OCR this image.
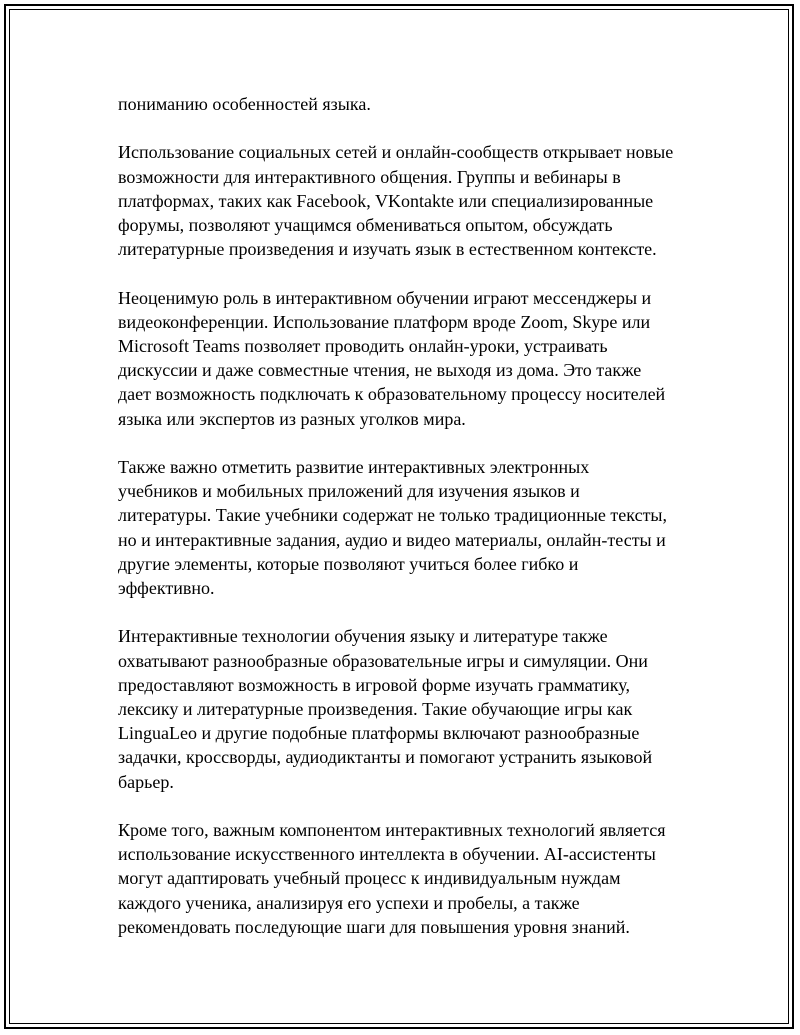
пониманию особенностей языка.

Использование социальных сетей и онлайн-сообществ открывает новые
возможности для интерактивного общения. Группы и вебинары в
платформах, таких как Facebook, VKontakte или специализированные
форумы, позволяют учащимся обмениваться опытом, обсуждать
литературные произведения и изучать язык в естественном контексте.

Неоценимую роль в интерактивном обучении играют мессенджеры и
видеоконференции. Использование платформ вроде Zoom, Skype или
Microsoft Teams позволяет проводить онлайн-уроки, устраивать
дискуссии и даже совместные чтения, не выходя из дома. Это также
дает возможность подключать к образовательному процессу носителей
языка или экспертов из разных уголков мира.

Также важно отметить развитие интерактивных электронных
учебников и мобильных приложений для изучения языков и
литературы. Такие учебники содержат не только традиционные тексты,
но и интерактивные задания, аудио и видео материалы, онлайн-тесты и
другие элементы, которые позволяют учиться более гибко и
эффективно.

Интерактивные технологии обучения языку и литературе также
охватывают разнообразные образовательные игры и симуляции. Они
предоставляют возможность в игровой форме изучать грамматику,
лексику и литературные произведения. Такие обучающие игры как
LinguaLeo и другие подобные платформы включают разнообразные
задачки, кроссворды, аудиодиктанты и помогают устранить языковой
барьер.

Кроме того, важным компонентом интерактивных технологий является
использование искусственного интеллекта в обучении. AI-ассистенты
могут адаптировать учебный процесс к индивидуальным нуждам
каждого ученика, анализируя его успехи и пробелы, а также
рекомендовать последующие шаги для повышения уровня знаний.
